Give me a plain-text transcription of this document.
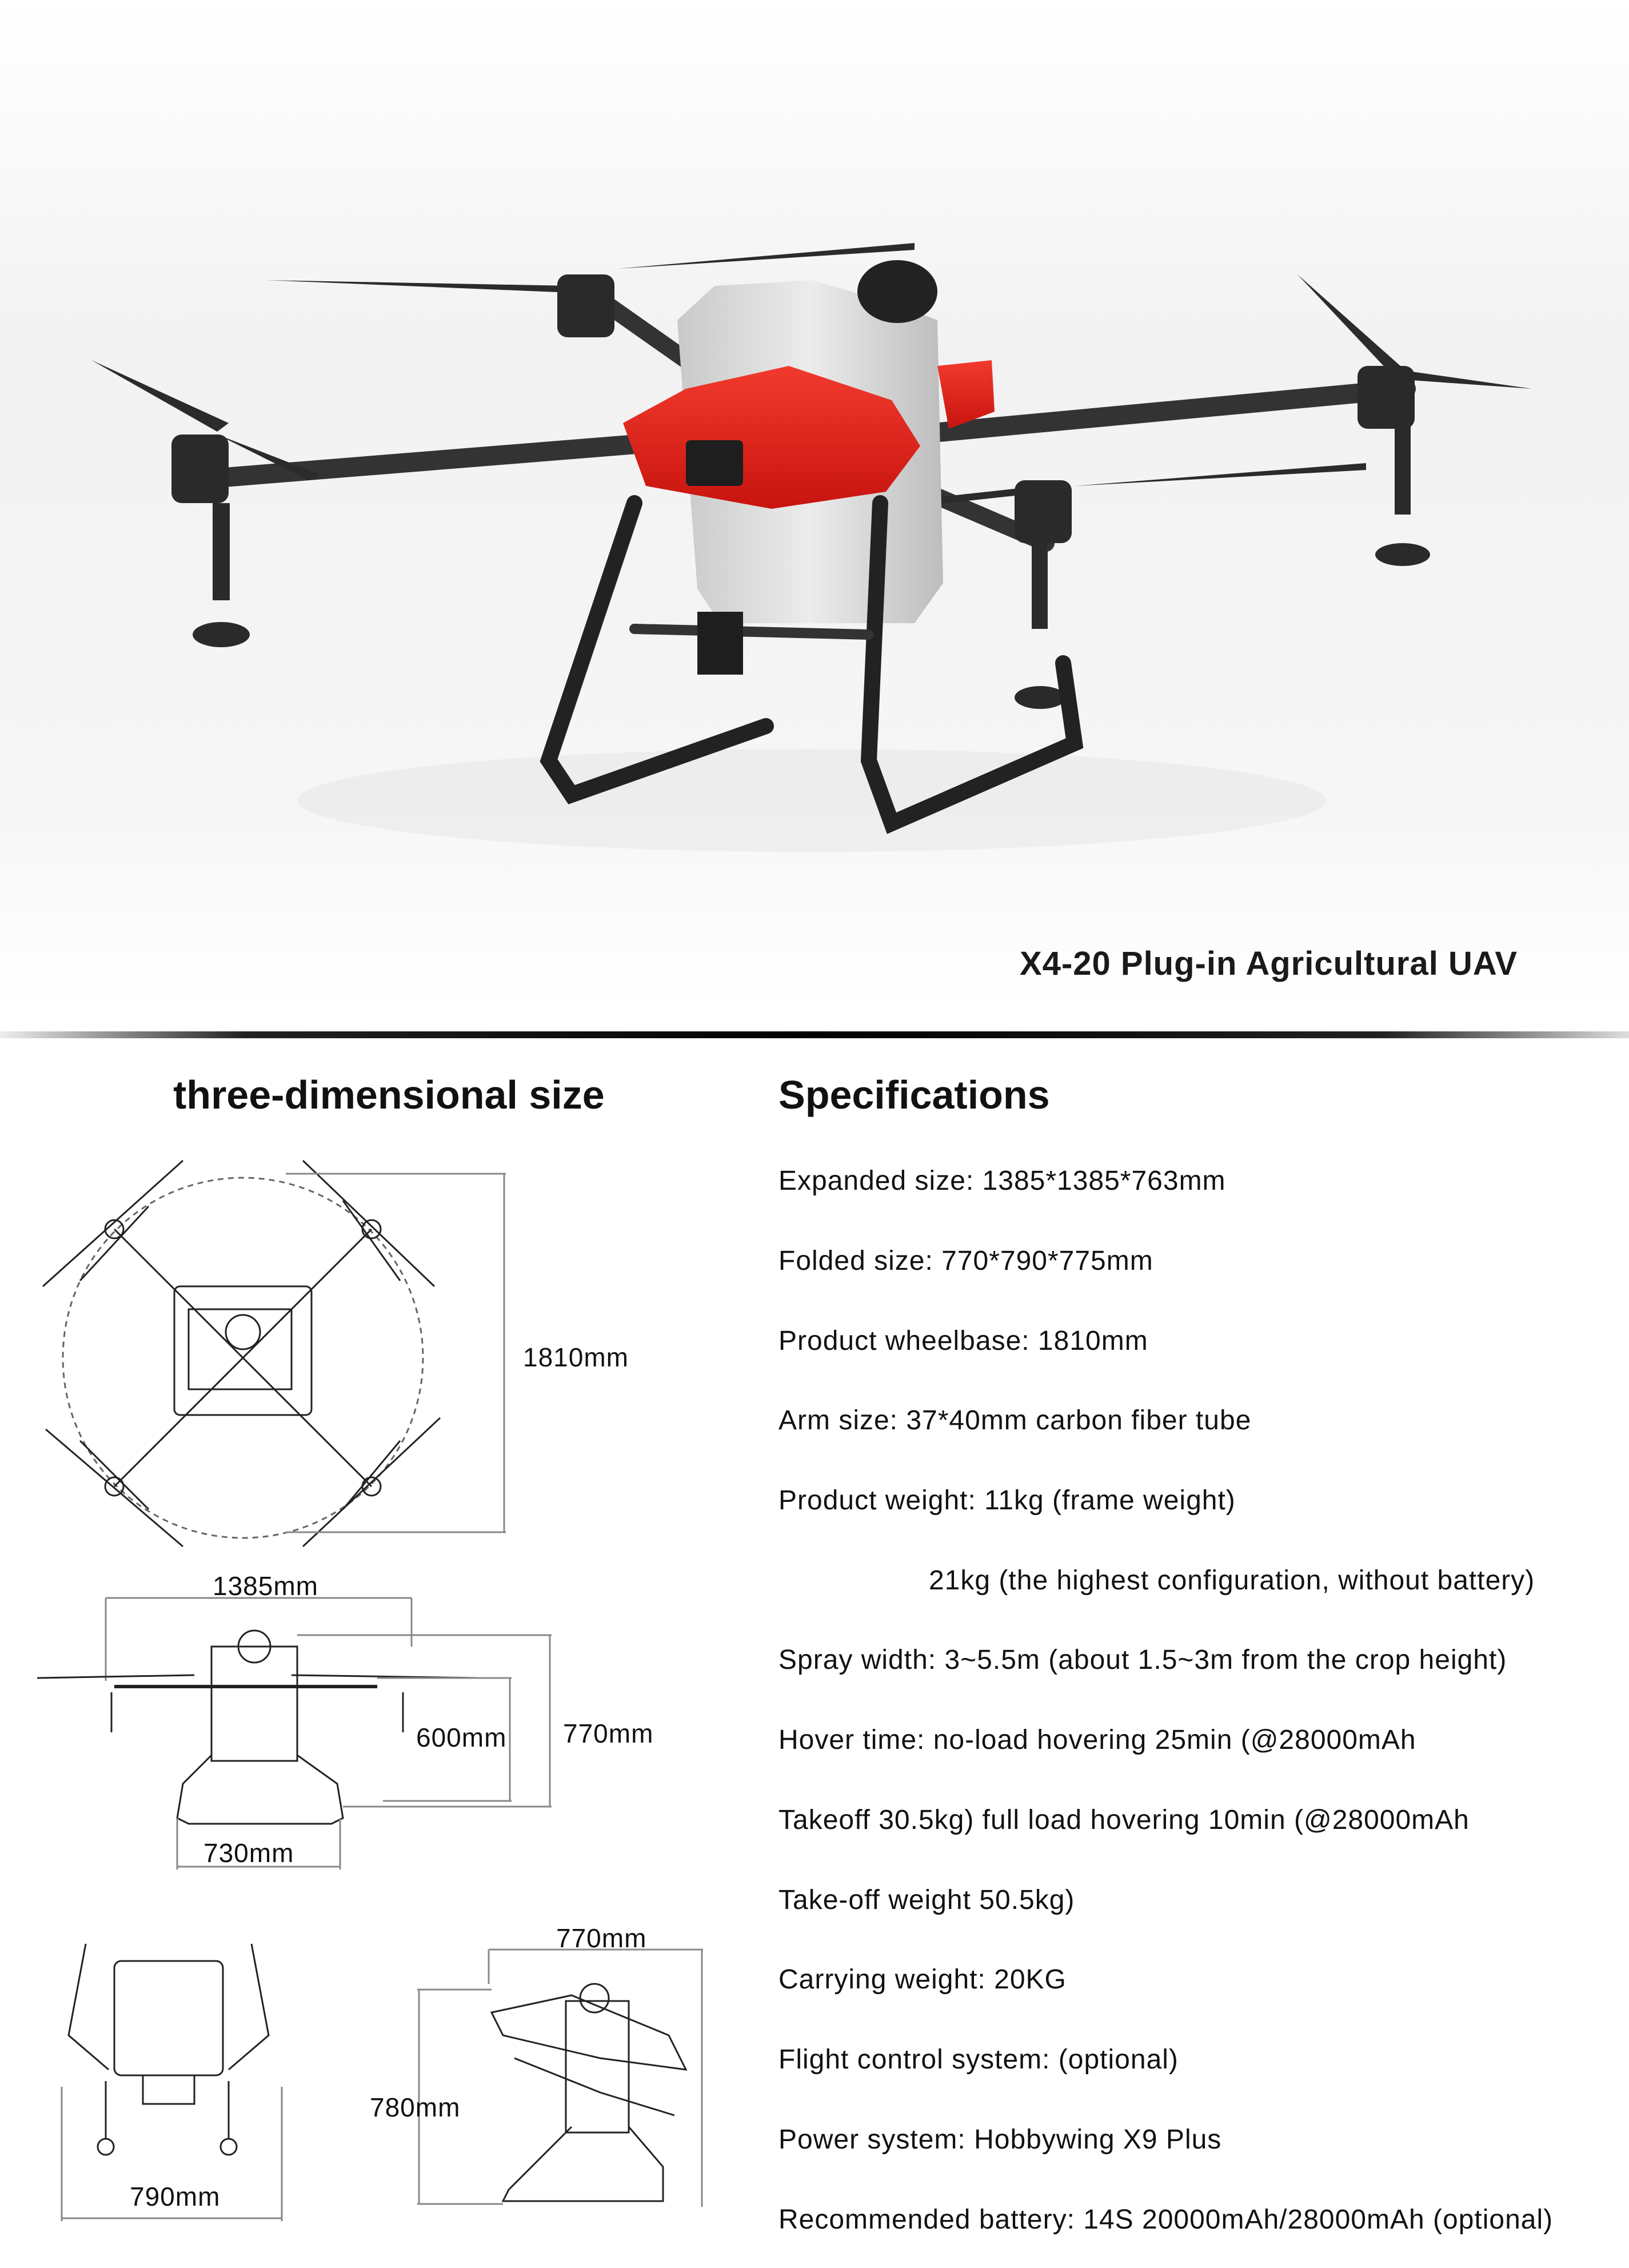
X4-20 Plug-in Agricultural UAV
three-dimensional size	Specifications
1810mm
1385mm
600mm 770mm
730mm
770mm
780mm
790mm
Expanded size: 1385*1385*763mm
Folded size: 770*790*775mm
Product wheelbase: 1810mm
Arm size: 37*40mm carbon fiber tube
Product weight: 11kg (frame weight)
21kg (the highest configuration, without battery)
Spray width: 3~5.5m (about 1.5~3m from the crop height)
Hover time: no-load hovering 25min (@28000mAh
Takeoff 30.5kg) full load hovering 10min (@28000mAh
Take-off weight 50.5kg)
Carrying weight: 20KG
Flight control system: (optional)
Power system: Hobbywing X9 Plus
Recommended battery: 14S 20000mAh/28000mAh (optional)
